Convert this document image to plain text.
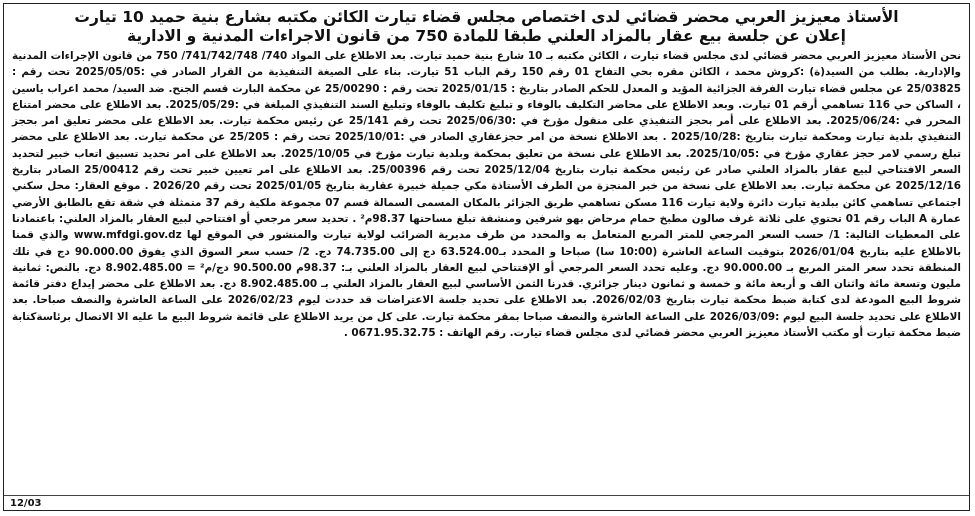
الأستاذ معيزيز العربي محضر قضائي لدى اختصاص مجلس قضاء تيارت الكائن مكتبه بشارع بنية حميد 10 تيارت

إعلان عن جلسة بيع عقار بالمزاد العلني طبقا للمادة 750 من قانون الاجراءات المدنية و الادارية

نحن الأستاذ معيزيز العربي محضر قضائي لدى مجلس قضاء تيارت ، الكائن مكتبه بـ 10 شارع بنية حميد تيارت. بعد الاطلاع على المواد 740/ 741/742/748/ 750 من قانون الإجراءات المدنية والإدارية. بطلب من السيد(ة) :كروش محمد ، الكائن مقره بحي التفاح 01 رقم 150 رقم الباب 51 تيارت. بناء على الصيغة التنفيذية من القرار الصادر في :2025/05/05 تحت رقم : 25/03825 عن مجلس قضاء تيارت الفرقة الجزائية المؤيد و المعدل للحكم الصادر بتاريخ : 2025/01/15 تحت رقم : 25/00290 عن محكمة البارت قسم الجنح. ضد السيد/ محمد اعراب ياسين ، الساكن حي 116 تساهمي أرقم 01 تيارت. وبعد الاطلاع على محاضر التكليف بالوفاء و تبليغ تكليف بالوفاء وتبليغ السند التنفيذي المبلغة في :2025/05/29. بعد الاطلاع على محضر امتناع المحرر في :2025/06/24. بعد الاطلاع على أمر بحجز التنفيذي على منقول مؤرخ في :2025/06/30 تحت رقم 25/141 عن رئيس محكمة تيارت. بعد الاطلاع على محضر تعليق امر بحجز التنفيذي بلدية تيارت ومحكمة تيارت بتاريخ :2025/10/28 . بعد الاطلاع نسخة من امر حجزعقاري الصادر في :2025/10/01 تحت رقم : 25/205 عن محكمة تيارت. بعد الاطلاع على محضر تبلغ رسمي لامر حجز عقاري مؤرخ في :2025/10/05. بعد الاطلاع على نسخة من تعليق بمحكمة وبلدية تيارت مؤرخ في 2025/10/05. بعد الاطلاع على امر تحديد تسبيق اتعاب خبير لتحديد السعر الافتتاحي لبيع عقار بالمزاد العلني صادر عن رئيس محكمة تيارت بتاريخ 2025/12/04 تحت رقم 25/00396. بعد الاطلاع على امر تعيين خبير تحت رقم 25/00412 الصادر بتاريخ 2025/12/16 عن محكمة تيارت. بعد الاطلاع على نسخة من خبر المنجزة من الطرف الأستاذة مكي جميلة خبيرة عقارية بتاريخ 2025/01/05 تحت رقم 2026/20 . موقع العقار: محل سكني اجتماعي تساهمي كائن ببلدية تيارت دائرة ولاية تيارت 116 مسكن تساهمي طريق الجزائر بالمكان المسمى السمالة قسم 07 مجموعة ملكية رقم 37 متمثلة في شقة تقع بالطابق الأرضي عمارة A الباب رقم 01 تحتوي على ثلاثة غرف صالون مطبخ حمام مرحاض بهو شرفين ومنشفة تبلغ مساحتها 98.37م² . تحديد سعر مرجعي أو افتتاحي لبيع العقار بالمزاد العلني: باعتمادنا على المعطيات التالية: 1/ حسب السعر المرجعي للمتر المربع المتعامل به والمحدد من طرف مديرية الضرائب لولاية تيارت والمنشور في الموقع لها www.mfdgi.gov.dz والذي قمنا بالاطلاع عليه بتاريخ 2026/01/04 بتوقيت الساعة العاشرة (10:00 سا) صباحا و المحدد بـ63.524.00 دج إلى 74.735.00 دج. 2/ حسب سعر السوق الذي يفوق 90.000.00 دج في تلك المنطقة تحدد سعر المتر المربع بـ 90.000.00 دج. وعليه تحدد السعر المرجعي أو الإفتتاحي لبيع العقار بالمزاد العلني بـ: 98.37م 90.500.00 دج/م² = 8.902.485.00 دج. بالنص: ثمانية مليون وتسعة مائة واثنان الف و أربعة مائة و خمسة و ثمانون دينار جزائري. قدرنا الثمن الأساسي لبيع العقار بالمزاد العلني بـ 8.902.485.00 دج. بعد الاطلاع على محضر إيداع دفتر قائمة شروط البيع المودعة لدى كتابة ضبط محكمة تيارت بتاريخ 2026/02/03. بعد الاطلاع على تحديد جلسة الاعتراضات قد حددت ليوم 2026/02/23 على الساعة العاشرة والنصف صباحا. بعد الاطلاع على تحديد جلسة البيع ليوم :2026/03/09 على الساعة العاشرة والنصف صباحا بمقر محكمة تيارت. على كل من يريد الاطلاع على قائمة شروط البيع ما عليه الا الاتصال برئاسةكتابة ضبط محكمة تيارت أو مكتب الأستاذ معيزيز العربي محضر قضائي لدى مجلس قضاء تيارت. رقم الهاتف : 0671.95.32.75 .

12/03
